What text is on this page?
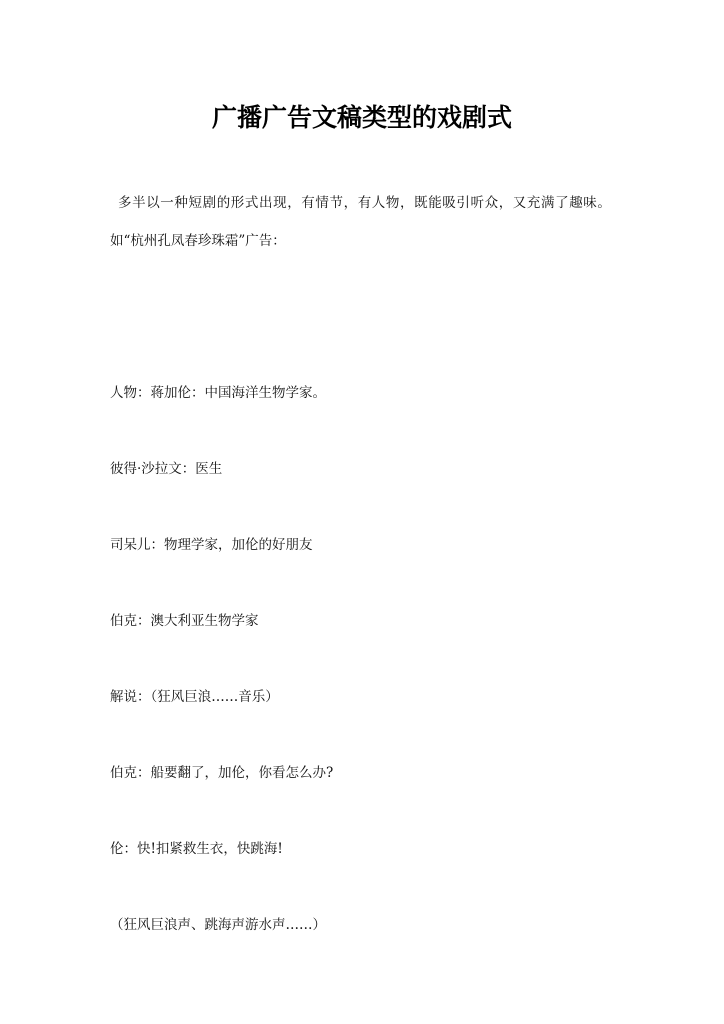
广播广告文稿类型的戏剧式
多半以一种短剧的形式出现，有情节，有人物，既能吸引听众，又充满了趣味。
如“杭州孔凤春珍珠霜”广告：
人物：蒋加伦：中国海洋生物学家。
彼得·沙拉文：医生
司呆儿：物理学家，加伦的好朋友
伯克：澳大利亚生物学家
解说：（狂风巨浪……音乐）
伯克：船要翻了，加伦，你看怎么办?
伦：快!扣紧救生衣，快跳海!
（狂风巨浪声、跳海声游水声……）
